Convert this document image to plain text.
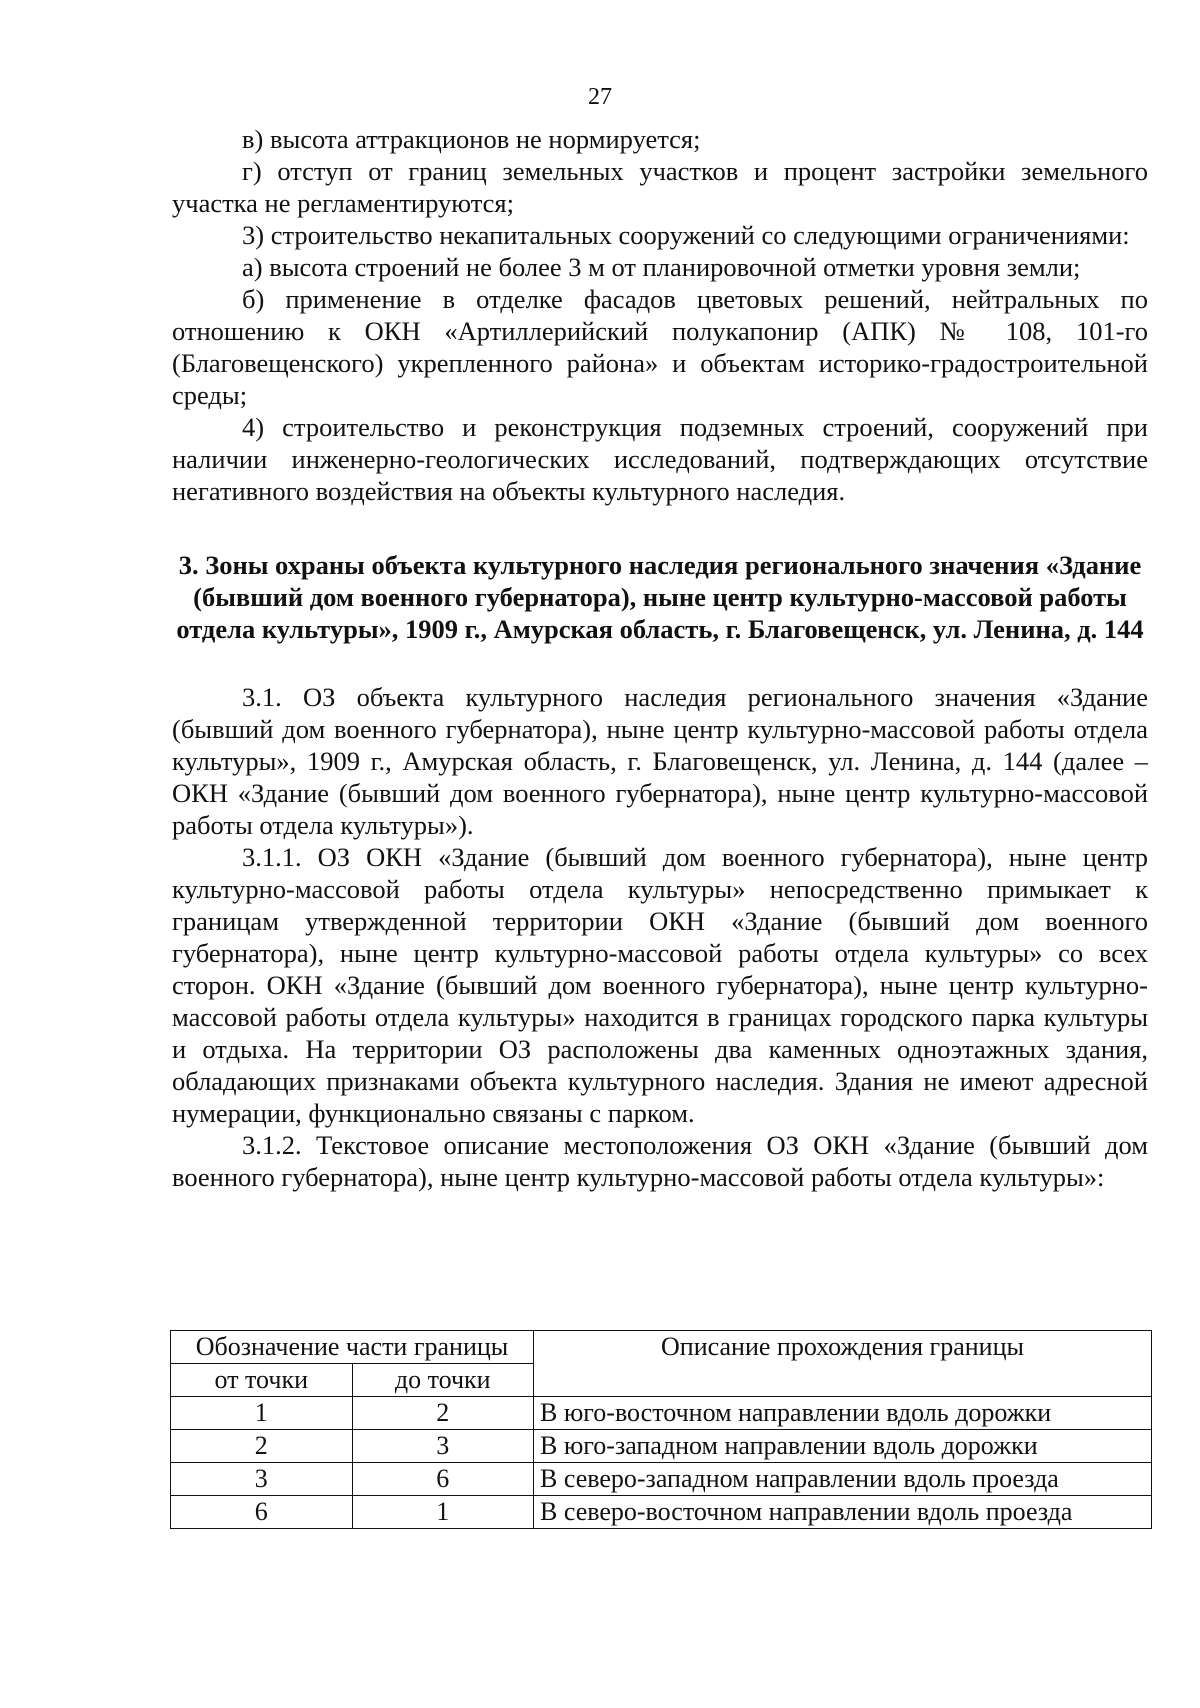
27

в) высота аттракционов не нормируется;

г) отступ от границ земельных участков и процент застройки земельного участка не регламентируются;

3) строительство некапитальных сооружений со следующими ограничениями:

а) высота строений не более 3 м от планировочной отметки уровня земли;

б) применение в отделке фасадов цветовых решений, нейтральных по отношению к ОКН «Артиллерийский полукапонир (АПК) № 108, 101-го (Благовещенского) укрепленного района» и объектам историко-градостроительной среды;

4) строительство и реконструкция подземных строений, сооружений при наличии инженерно-геологических исследований, подтверждающих отсутствие негативного воздействия на объекты культурного наследия.

3. Зоны охраны объекта культурного наследия регионального значения «Здание (бывший дом военного губернатора), ныне центр культурно-массовой работы отдела культуры», 1909 г., Амурская область, г. Благовещенск, ул. Ленина, д. 144

3.1. ОЗ объекта культурного наследия регионального значения «Здание (бывший дом военного губернатора), ныне центр культурно-массовой работы отдела культуры», 1909 г., Амурская область, г. Благовещенск, ул. Ленина, д. 144 (далее – ОКН «Здание (бывший дом военного губернатора), ныне центр культурно-массовой работы отдела культуры»).

3.1.1. ОЗ ОКН «Здание (бывший дом военного губернатора), ныне центр культурно-массовой работы отдела культуры» непосредственно примыкает к границам утвержденной территории ОКН «Здание (бывший дом военного губернатора), ныне центр культурно-массовой работы отдела культуры» со всех сторон. ОКН «Здание (бывший дом военного губернатора), ныне центр культурно-массовой работы отдела культуры» находится в границах городского парка культуры и отдыха. На территории ОЗ расположены два каменных одноэтажных здания, обладающих признаками объекта культурного наследия. Здания не имеют адресной нумерации, функционально связаны с парком.

3.1.2. Текстовое описание местоположения ОЗ ОКН «Здание (бывший дом военного губернатора), ныне центр культурно-массовой работы отдела культуры»:

Обозначение части границы		Описание прохождения границы
от точки	до точки	
1	2	В юго-восточном направлении вдоль дорожки
2	3	В юго-западном направлении вдоль дорожки
3	6	В северо-западном направлении вдоль проезда
6	1	В северо-восточном направлении вдоль проезда
